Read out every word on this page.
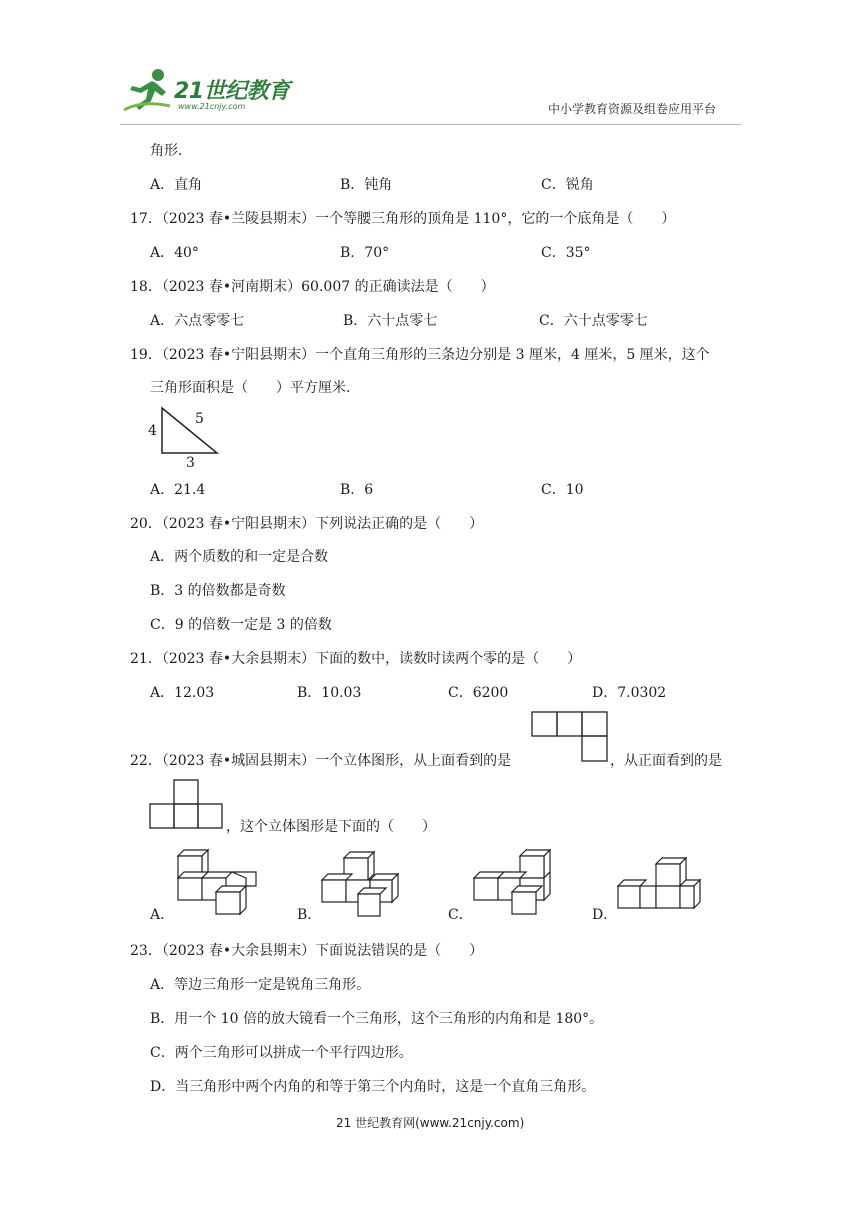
21世纪教育
www.21cnjy.com	中小学教育资源及组卷应用平台
角形.
A．直角	B．钝角	C．锐角
17．（2023 春•兰陵县期末）一个等腰三角形的顶角是 110°，它的一个底角是（　　）
A．40°	B．70°	C．35°
18．（2023 春•河南期末）60.007 的正确读法是（　　）
A．六点零零七	B．六十点零七	C．六十点零零七
19．（2023 春•宁阳县期末）一个直角三角形的三条边分别是 3 厘米，4 厘米，5 厘米，这个
三角形面积是（　　）平方厘米.
4
5
3
A．21.4	B．6	C．10
20．（2023 春•宁阳县期末）下列说法正确的是（　　）
A．两个质数的和一定是合数
B．3 的倍数都是奇数
C．9 的倍数一定是 3 的倍数
21．（2023 春•大余县期末）下面的数中，读数时读两个零的是（　　）
A．12.03	B．10.03	C．6200	D．7.0302
22．（2023 春•城固县期末）一个立体图形，从上面看到的是	，从正面看到的是
，这个立体图形是下面的（　　）
A．	B．	C．	D．
23．（2023 春•大余县期末）下面说法错误的是（　　）
A．等边三角形一定是锐角三角形。
B．用一个 10 倍的放大镜看一个三角形，这个三角形的内角和是 180°。
C．两个三角形可以拼成一个平行四边形。
D．当三角形中两个内角的和等于第三个内角时，这是一个直角三角形。
21 世纪教育网(www.21cnjy.com)
